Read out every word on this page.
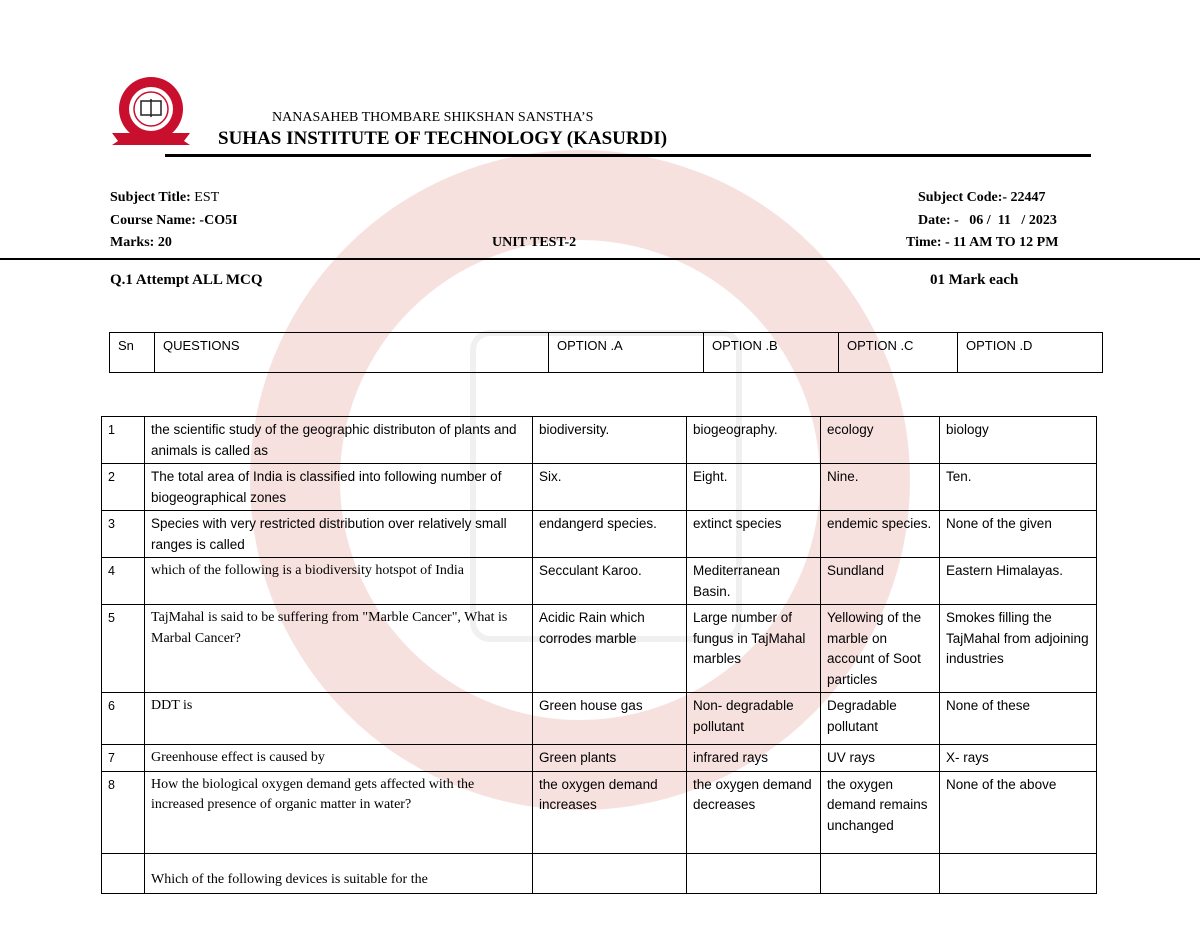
NANASAHEB THOMBARE SHIKSHAN SANSTHA’S
SUHAS INSTITUTE OF TECHNOLOGY (KASURDI)
Subject Title: EST
Course Name: -CO5I
Marks: 20	UNIT TEST-2
Subject Code:- 22447
Date: -   06 /  11   / 2023
Time: - 11 AM TO 12 PM
Q.1 Attempt ALL MCQ	01 Mark each
Sn	QUESTIONS	OPTION .A	OPTION .B	OPTION .C	OPTION .D
1	the scientific study of the geographic distributon of plants and animals is called as	biodiversity.	biogeography.	ecology	biology
2	The total area of India is classified into following number of biogeographical zones	Six.	Eight.	Nine.	Ten.
3	Species with very restricted distribution over relatively small ranges is called	endangerd species.	extinct species	endemic species.	None of the given
4	which of the following is a biodiversity hotspot of India	Secculant Karoo.	Mediterranean Basin.	Sundland	Eastern Himalayas.
5	TajMahal is said to be suffering from "Marble Cancer", What is Marbal Cancer?	Acidic Rain which corrodes marble	Large number of fungus in TajMahal marbles	Yellowing of the marble on account of Soot particles	Smokes filling the TajMahal from adjoining industries
6	DDT is	Green house gas	Non- degradable pollutant	Degradable pollutant	None of these
7	Greenhouse effect is caused by	Green plants	infrared rays	UV rays	X- rays
8	How the biological oxygen demand gets affected with the increased presence of organic matter in water?	the oxygen demand increases	the oxygen demand decreases	the oxygen demand remains unchanged	None of the above
	Which of the following devices is suitable for the				
